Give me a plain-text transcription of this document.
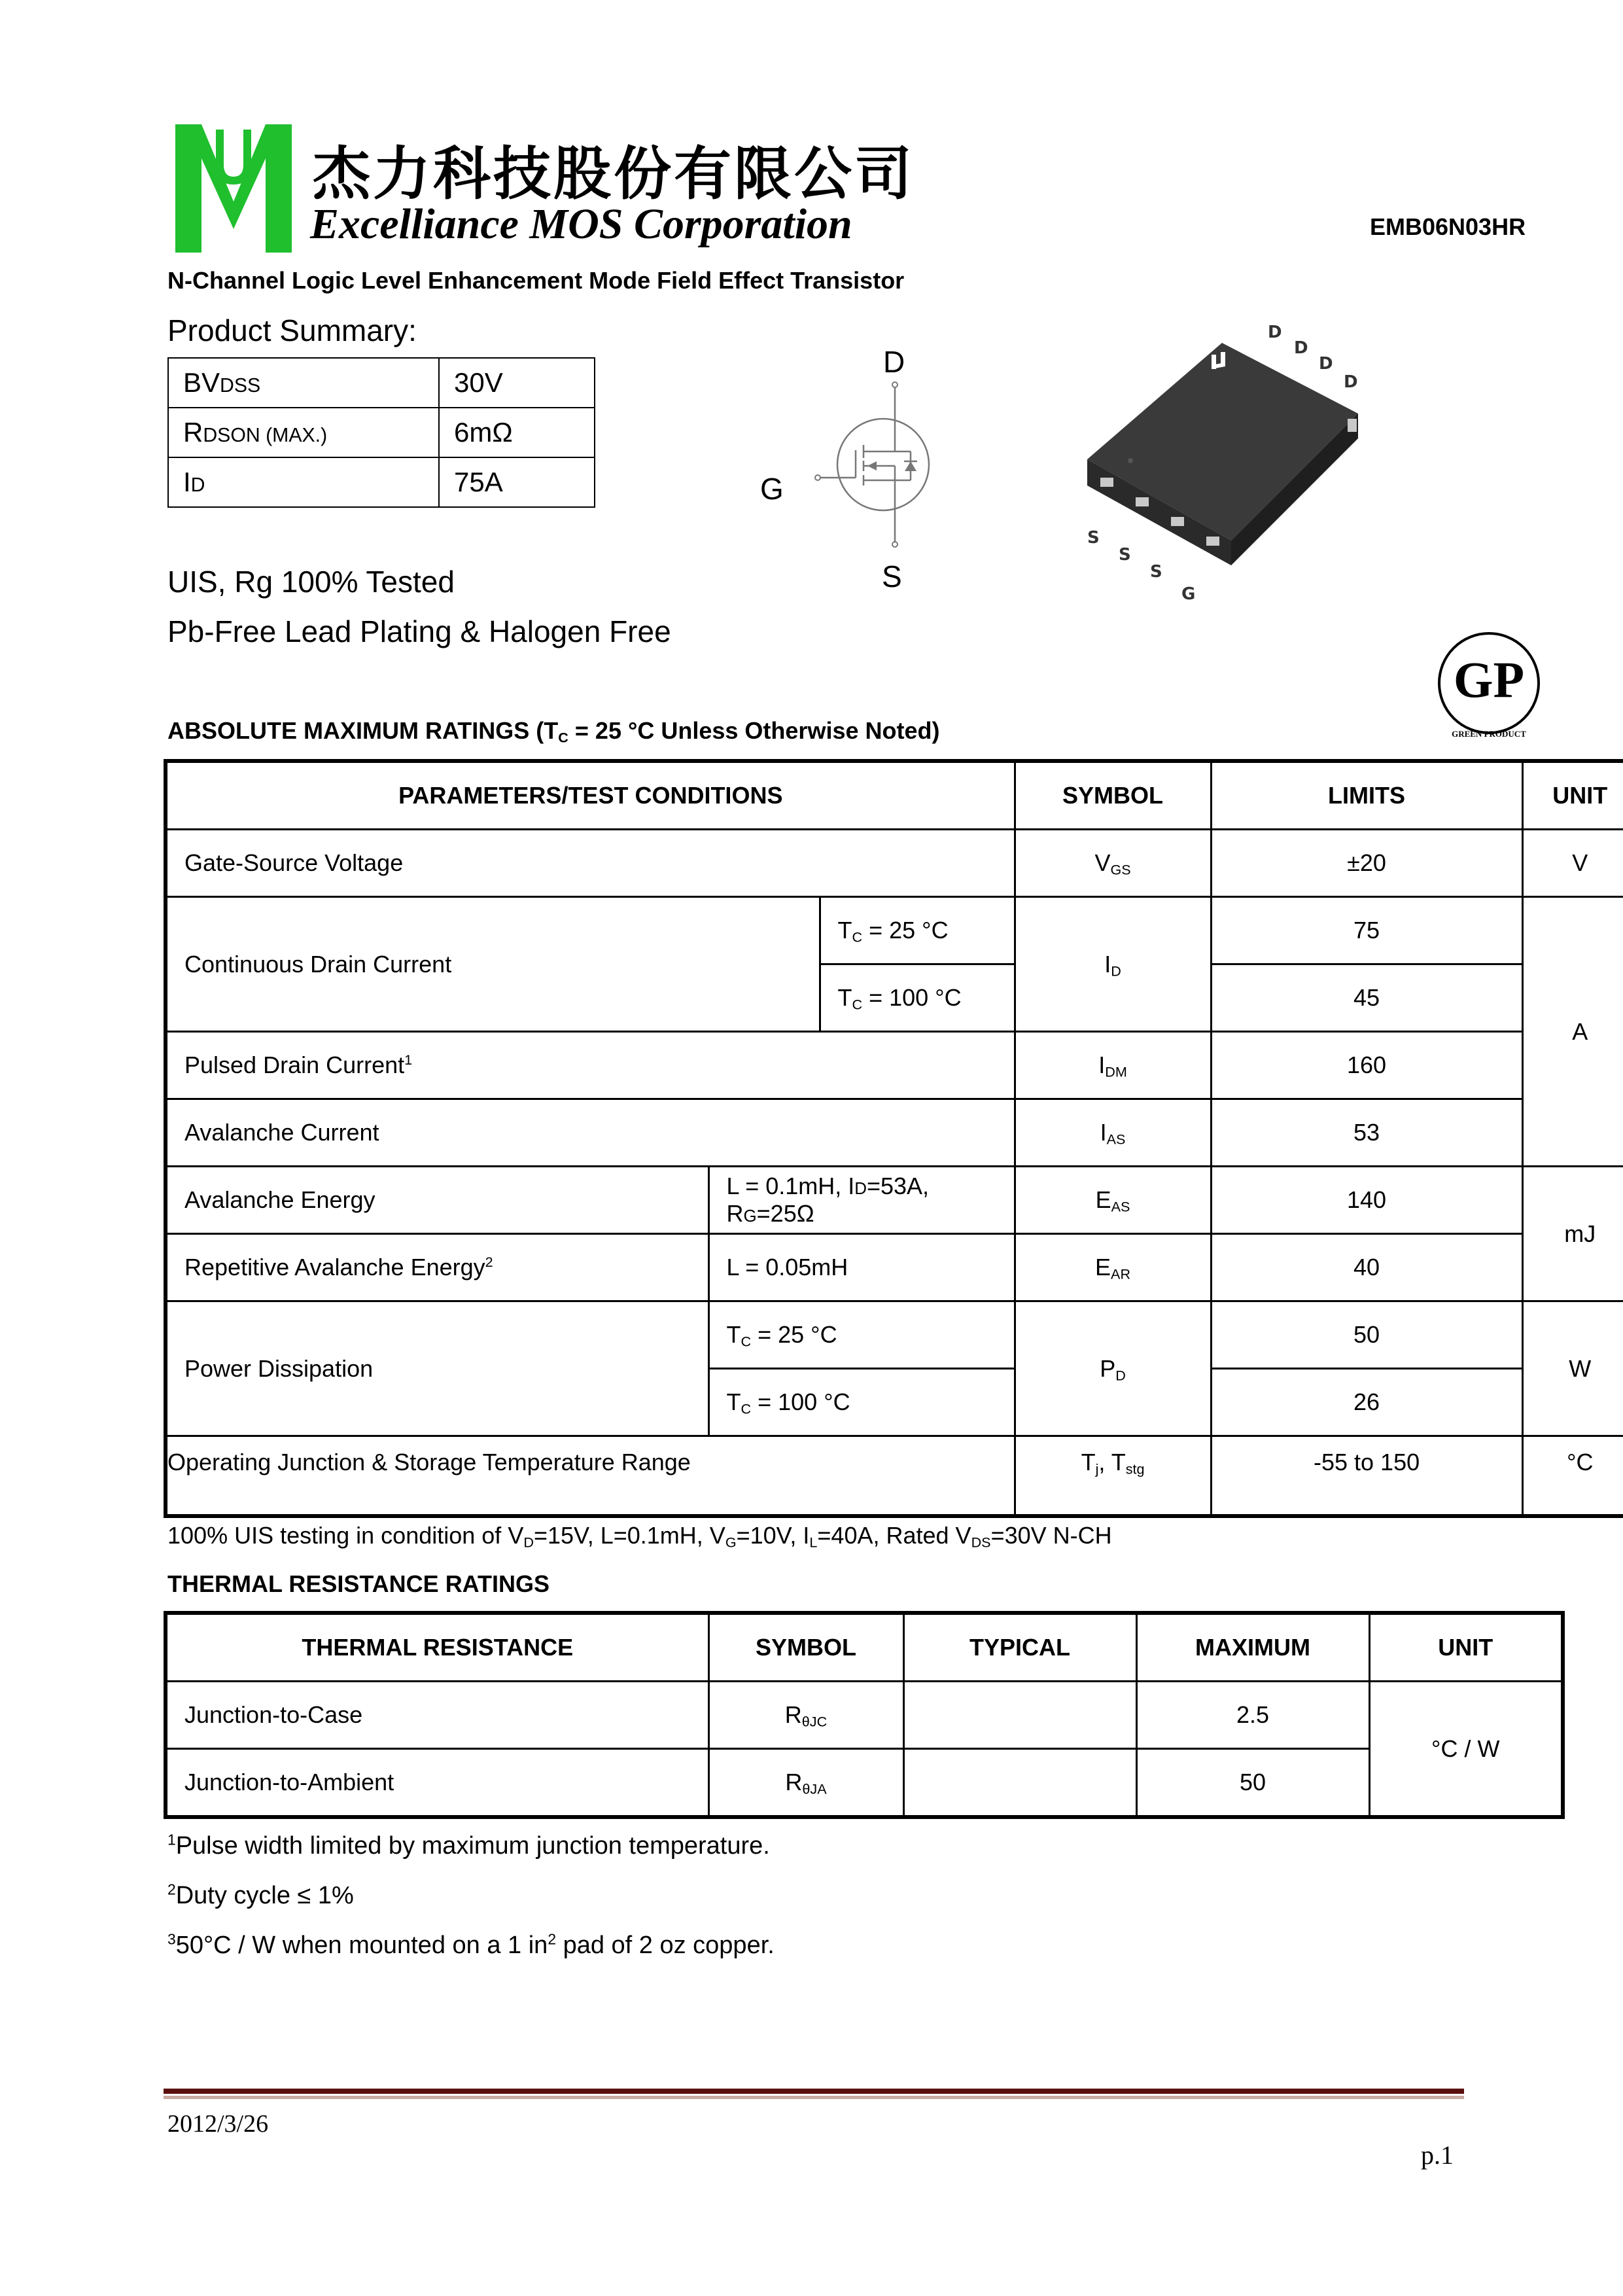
杰力科技股份有限公司
Excelliance MOS Corporation	EMB06N03HR
N-Channel Logic Level Enhancement Mode Field Effect Transistor
Product Summary:
BVDSS	30V
RDSON (MAX.)	6mΩ
ID	75A
UIS, Rg 100% Tested
Pb-Free Lead Plating & Halogen Free
D
G
S
D
D
D
D
S
S
S
G
GP
GREEN PRODUCT
ABSOLUTE MAXIMUM RATINGS ($T_C = 25$ °C Unless Otherwise Noted)
PARAMETERS/TEST CONDITIONS			SYMBOL	LIMITS	UNIT
Gate-Source Voltage			$V_{GS}$	±20	V
Continuous Drain Current		$T_C = 25$ °C	$I_D$	75	A
		$T_C = 100$ °C		45	
Pulsed Drain Current$^1$			$I_{DM}$	160	
Avalanche Current			$I_{AS}$	53	
Avalanche Energy	L = 0.1mH, ID=53A, RG=25Ω		$E_{AS}$	140	mJ
Repetitive Avalanche Energy$^2$	L = 0.05mH		$E_{AR}$	40	
Power Dissipation	$T_C = 25$ °C		$P_D$	50	W
	$T_C = 100$ °C			26	
Operating Junction & Storage Temperature Range			$T_j$, $T_{stg}$	-55 to 150	°C
100% UIS testing in condition of $V_D=15V$, L=0.1mH, $V_G=10V$, $I_L=40A$, Rated $V_{DS}=30V$ N-CH
THERMAL RESISTANCE RATINGS
THERMAL RESISTANCE	SYMBOL	TYPICAL	MAXIMUM	UNIT
Junction-to-Case	$R_{\theta JC}$		2.5	°C / W
Junction-to-Ambient	$R_{\theta JA}$		50	
$^1$Pulse width limited by maximum junction temperature.
$^2$Duty cycle ≤ 1%
$^3$50°C / W when mounted on a 1 $in^2$ pad of 2 oz copper.
2012/3/26
p.1
